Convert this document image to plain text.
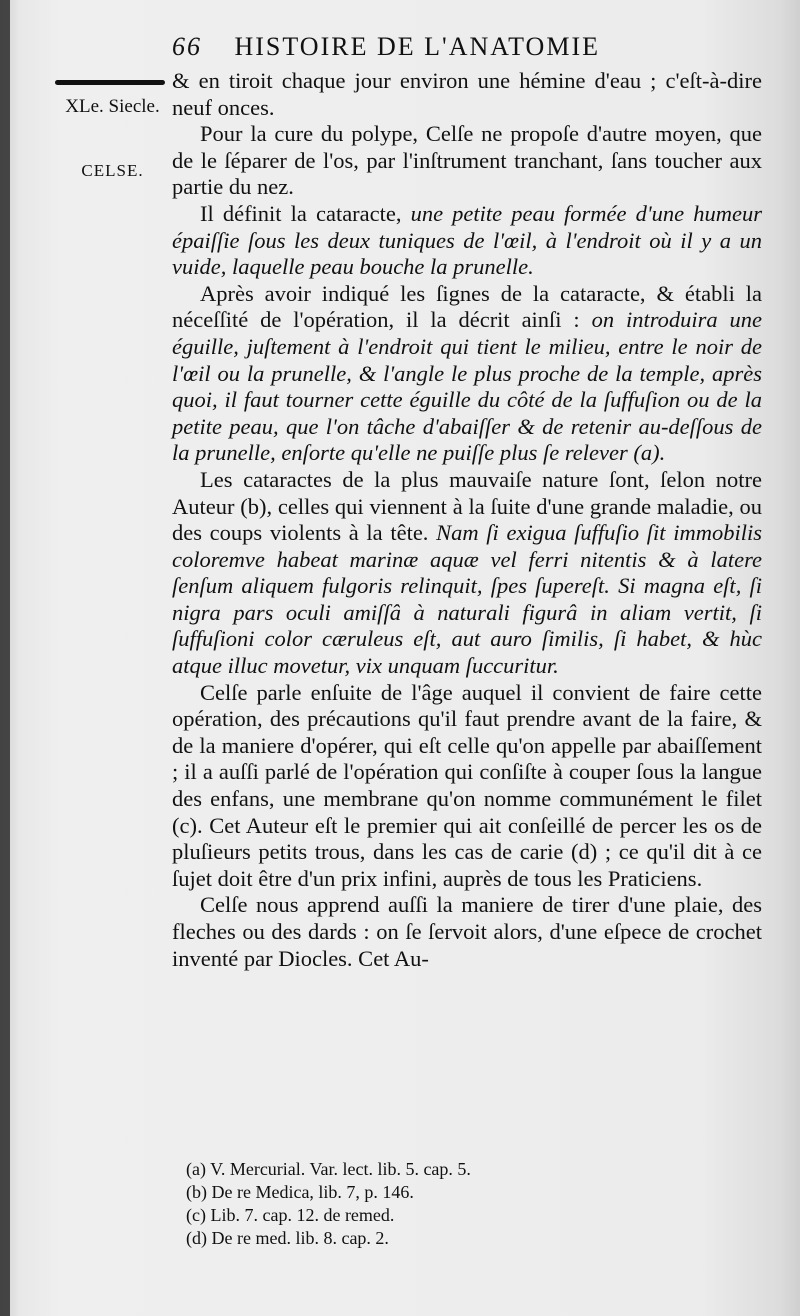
66 HISTOIRE DE L'ANATOMIE
XLe. Siecle.
CELSE.

& en tiroit chaque jour environ une hémine d'eau ; c'eſt-à-dire neuf onces.

Pour la cure du polype, Celſe ne propoſe d'autre moyen, que de le ſéparer de l'os, par l'inſtrument tranchant, ſans toucher aux partie du nez.

Il définit la cataracte, une petite peau formée d'une humeur épaiſſie ſous les deux tuniques de l'œil, à l'endroit où il y a un vuide, laquelle peau bouche la prunelle.

Après avoir indiqué les ſignes de la cataracte, & établi la néceſſité de l'opération, il la décrit ainſi : on introduira une éguille, juſtement à l'endroit qui tient le milieu, entre le noir de l'œil ou la prunelle, & l'angle le plus proche de la temple, après quoi, il faut tourner cette éguille du côté de la ſuffuſion ou de la petite peau, que l'on tâche d'abaiſſer & de retenir au-deſſous de la prunelle, enſorte qu'elle ne puiſſe plus ſe relever (a).

Les cataractes de la plus mauvaiſe nature ſont, ſelon notre Auteur (b), celles qui viennent à la ſuite d'une grande maladie, ou des coups violents à la tête. Nam ſi exigua ſuffuſio ſit immobilis coloremve habeat marinæ aquæ vel ferri nitentis & à latere ſenſum aliquem fulgoris relinquit, ſpes ſupereſt. Si magna eſt, ſi nigra pars oculi amiſſâ à naturali figurâ in aliam vertit, ſi ſuffuſioni color cæruleus eſt, aut auro ſimilis, ſi habet, & hùc atque illuc movetur, vix unquam ſuccuritur.

Celſe parle enſuite de l'âge auquel il convient de faire cette opération, des précautions qu'il faut prendre avant de la faire, & de la maniere d'opérer, qui eſt celle qu'on appelle par abaiſſement ; il a auſſi parlé de l'opération qui conſiſte à couper ſous la langue des enfans, une membrane qu'on nomme communément le filet (c). Cet Auteur eſt le premier qui ait conſeillé de percer les os de pluſieurs petits trous, dans les cas de carie (d) ; ce qu'il dit à ce ſujet doit être d'un prix infini, auprès de tous les Praticiens.

Celſe nous apprend auſſi la maniere de tirer d'une plaie, des fleches ou des dards : on ſe ſervoit alors, d'une eſpece de crochet inventé par Diocles. Cet Au-

(a) V. Mercurial. Var. lect. lib. 5. cap. 5.
(b) De re Medica, lib. 7, p. 146.
(c) Lib. 7. cap. 12. de remed.
(d) De re med. lib. 8. cap. 2.
